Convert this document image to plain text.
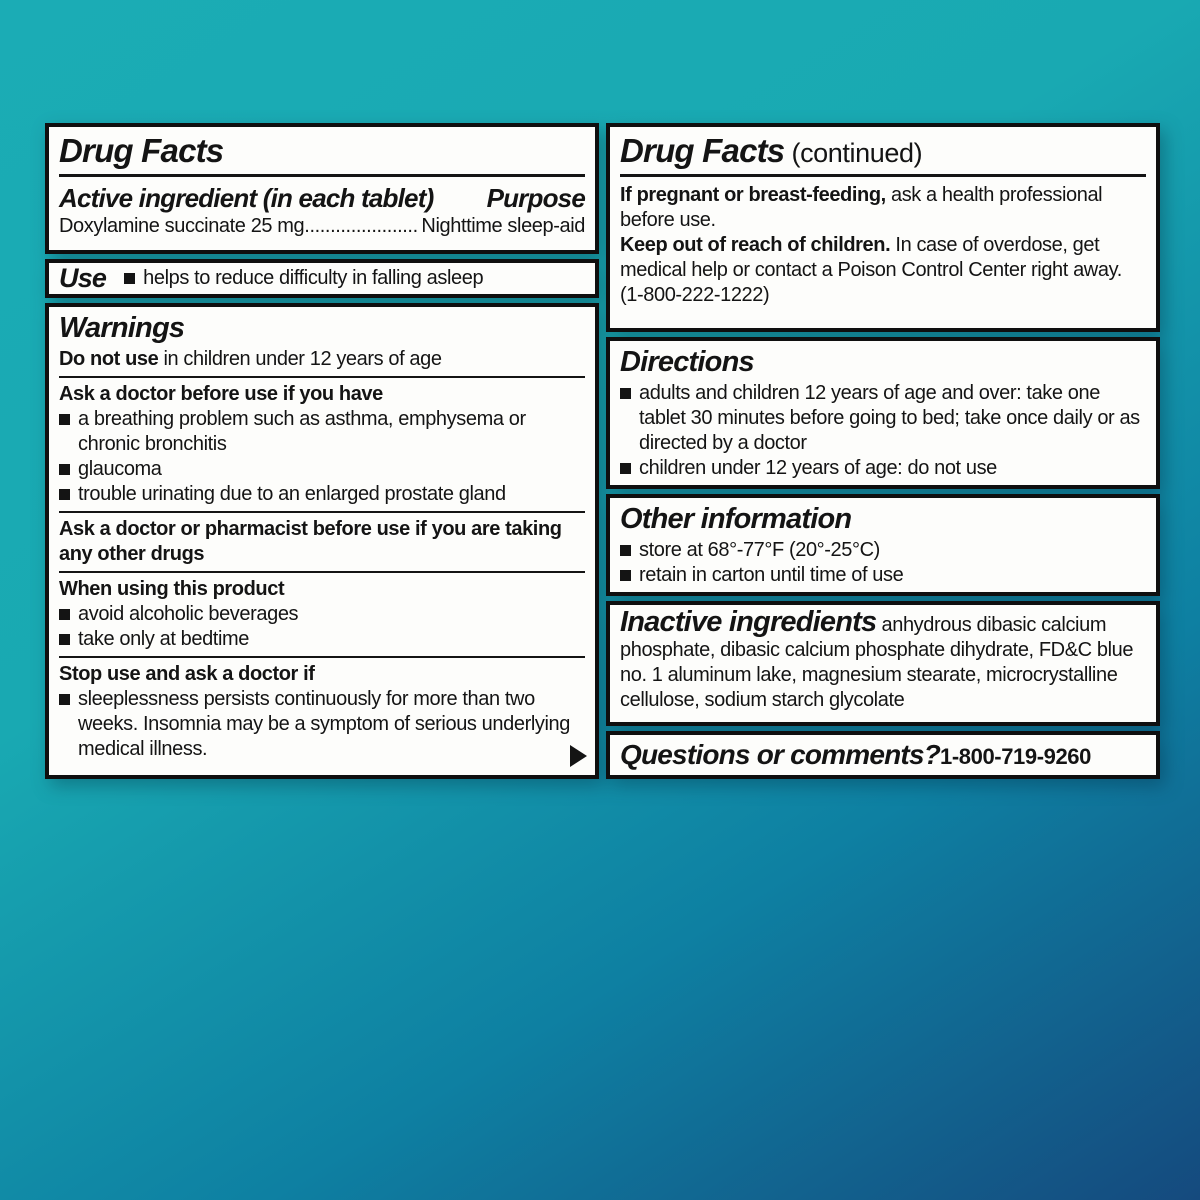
Drug Facts
Active ingredient (in each tablet) Purpose
Doxylamine succinate 25 mg ...................... Nighttime sleep-aid
Use helps to reduce difficulty in falling asleep
Warnings
Do not use in children under 12 years of age
Ask a doctor before use if you have
a breathing problem such as asthma, emphysema or chronic bronchitis
glaucoma
trouble urinating due to an enlarged prostate gland
Ask a doctor or pharmacist before use if you are taking any other drugs
When using this product
avoid alcoholic beverages
take only at bedtime
Stop use and ask a doctor if
sleeplessness persists continuously for more than two weeks. Insomnia may be a symptom of serious underlying medical illness.
Drug Facts (continued)
If pregnant or breast-feeding, ask a health professional before use.
Keep out of reach of children. In case of overdose, get medical help or contact a Poison Control Center right away. (1-800-222-1222)
Directions
adults and children 12 years of age and over: take one tablet 30 minutes before going to bed; take once daily or as directed by a doctor
children under 12 years of age: do not use
Other information
store at 68°-77°F (20°-25°C)
retain in carton until time of use
Inactive ingredients anhydrous dibasic calcium phosphate, dibasic calcium phosphate dihydrate, FD&C blue no. 1 aluminum lake, magnesium stearate, microcrystalline cellulose, sodium starch glycolate
Questions or comments? 1-800-719-9260
